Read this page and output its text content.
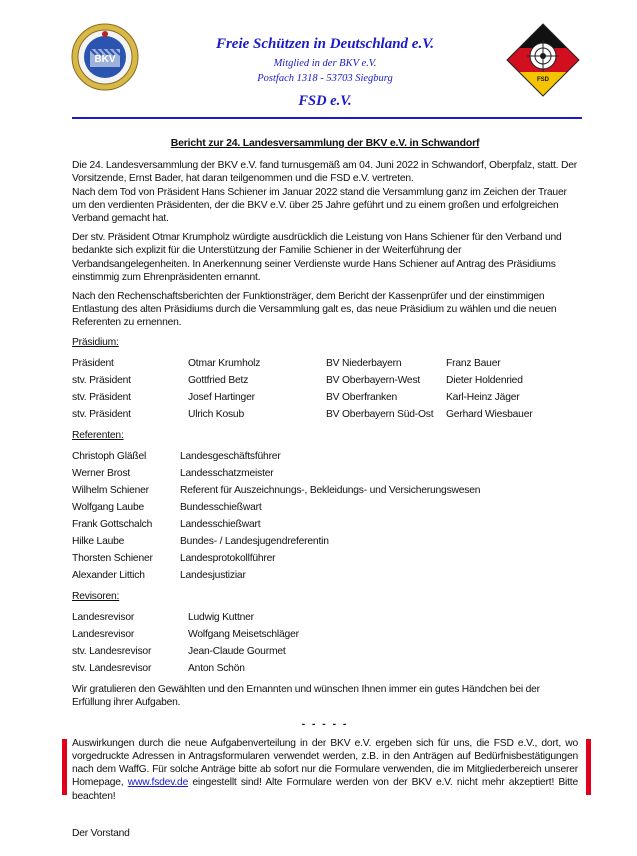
BKV
Freie Schützen in Deutschland e.V.
Mitglied in der BKV e.V.
Postfach 1318 - 53703 Siegburg
FSD e.V.
FSD
Bericht zur 24. Landesversammlung der BKV e.V. in Schwandorf

Die 24. Landesversammlung der BKV e.V. fand turnusgemäß am 04. Juni 2022 in Schwandorf, Oberpfalz, statt. Der Vorsitzende, Ernst Bader, hat daran teilgenommen und die FSD e.V. vertreten.

Nach dem Tod von Präsident Hans Schiener im Januar 2022 stand die Versammlung ganz im Zeichen der Trauer um den verdienten Präsidenten, der die BKV e.V. über 25 Jahre geführt und zu einem großen und erfolgreichen Verband gemacht hat.

Der stv. Präsident Otmar Krumpholz würdigte ausdrücklich die Leistung von Hans Schiener für den Verband und bedankte sich explizit für die Unterstützung der Familie Schiener in der Weiterführung der Verbandsangelegenheiten. In Anerkennung seiner Verdienste wurde Hans Schiener auf Antrag des Präsidiums einstimmig zum Ehrenpräsidenten ernannt.

Nach den Rechenschaftsberichten der Funktionsträger, dem Bericht der Kassenprüfer und der einstimmigen Entlastung des alten Präsidiums durch die Versammlung galt es, das neue Präsidium zu wählen und die neuen Referenten zu ernennen.

Präsidium:
Präsident	Otmar Krumholz	BV Niederbayern	Franz Bauer
stv. Präsident	Gottfried Betz	BV Oberbayern-West	Dieter Holdenried
stv. Präsident	Josef Hartinger	BV Oberfranken	Karl-Heinz Jäger
stv. Präsident	Ulrich Kosub	BV Oberbayern Süd-Ost	Gerhard Wiesbauer
Referenten:
Christoph Gläßel	Landesgeschäftsführer
Werner Brost	Landesschatzmeister
Wilhelm Schiener	Referent für Auszeichnungs-, Bekleidungs- und Versicherungswesen
Wolfgang Laube	Bundesschießwart
Frank Gottschalch	Landesschießwart
Hilke Laube	Bundes- / Landesjugendreferentin
Thorsten Schiener	Landesprotokollführer
Alexander Littich	Landesjustiziar
Revisoren:
Landesrevisor	Ludwig Kuttner
Landesrevisor	Wolfgang Meisetschläger
stv. Landesrevisor	Jean-Claude Gourmet
stv. Landesrevisor	Anton Schön

Wir gratulieren den Gewählten und den Ernannten und wünschen Ihnen immer ein gutes Händchen bei der Erfüllung ihrer Aufgaben.

- - - - -

Auswirkungen durch die neue Aufgabenverteilung in der BKV e.V. ergeben sich für uns, die FSD e.V., dort, wo vorgedruckte Adressen in Antragsformularen verwendet werden, z.B. in den Anträgen auf Bedürfnisbestätigungen nach dem WaffG. Für solche Anträge bitte ab sofort nur die Formulare verwenden, die im Mitgliederbereich unserer Homepage, www.fsdev.de eingestellt sind! Alte Formulare werden von der BKV e.V. nicht mehr akzeptiert! Bitte beachten!

Der Vorstand
